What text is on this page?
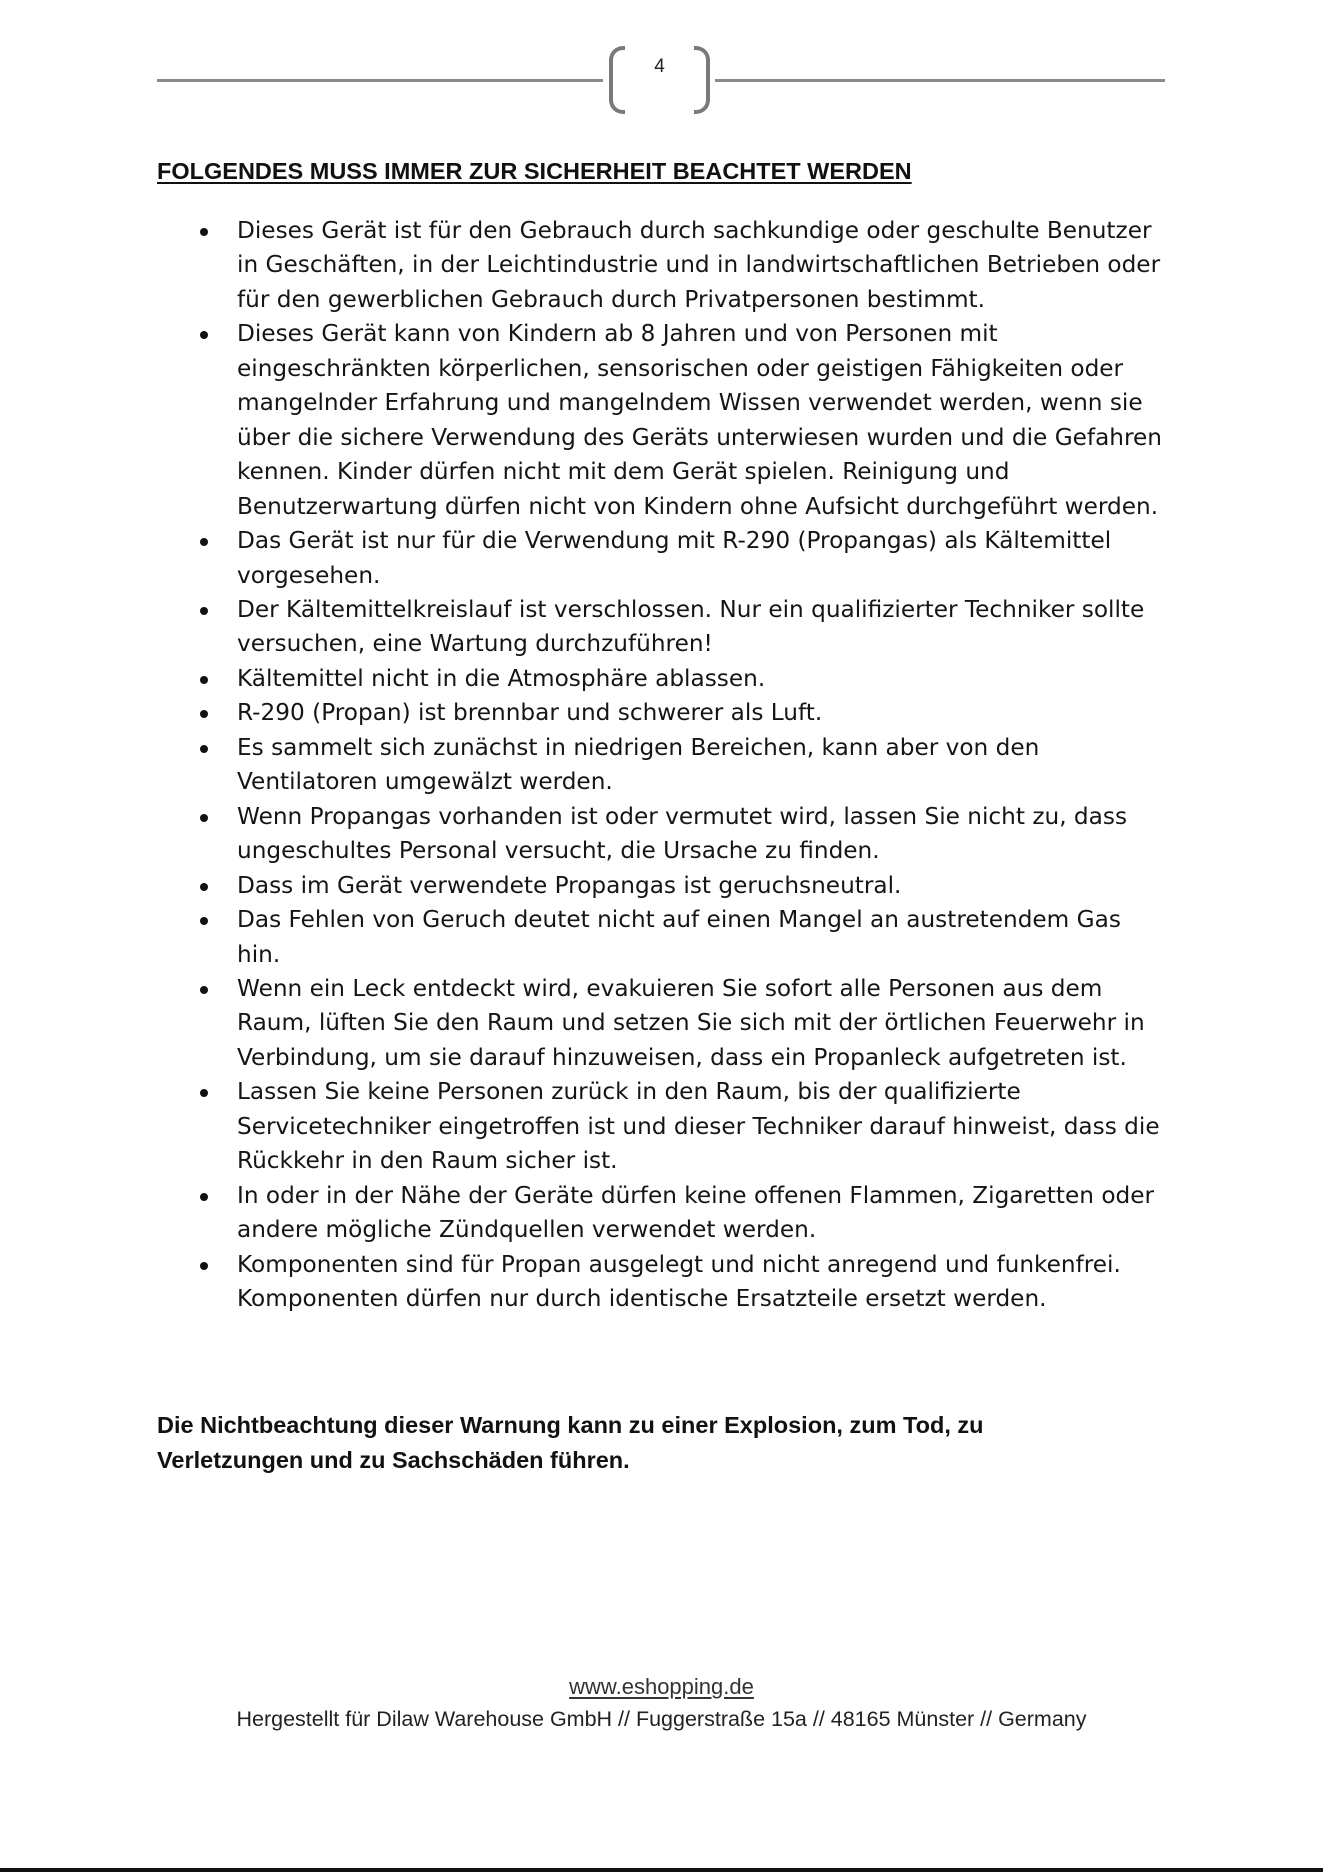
4
FOLGENDES MUSS IMMER ZUR SICHERHEIT BEACHTET WERDEN
Dieses Gerät ist für den Gebrauch durch sachkundige oder geschulte Benutzer in Geschäften, in der Leichtindustrie und in landwirtschaftlichen Betrieben oder für den gewerblichen Gebrauch durch Privatpersonen bestimmt.
Dieses Gerät kann von Kindern ab 8 Jahren und von Personen mit eingeschränkten körperlichen, sensorischen oder geistigen Fähigkeiten oder mangelnder Erfahrung und mangelndem Wissen verwendet werden, wenn sie über die sichere Verwendung des Geräts unterwiesen wurden und die Gefahren kennen. Kinder dürfen nicht mit dem Gerät spielen. Reinigung und Benutzerwartung dürfen nicht von Kindern ohne Aufsicht durchgeführt werden.
Das Gerät ist nur für die Verwendung mit R-290 (Propangas) als Kältemittel vorgesehen.
Der Kältemittelkreislauf ist verschlossen. Nur ein qualifizierter Techniker sollte versuchen, eine Wartung durchzuführen!
Kältemittel nicht in die Atmosphäre ablassen.
R-290 (Propan) ist brennbar und schwerer als Luft.
Es sammelt sich zunächst in niedrigen Bereichen, kann aber von den Ventilatoren umgewälzt werden.
Wenn Propangas vorhanden ist oder vermutet wird, lassen Sie nicht zu, dass ungeschultes Personal versucht, die Ursache zu finden.
Dass im Gerät verwendete Propangas ist geruchsneutral.
Das Fehlen von Geruch deutet nicht auf einen Mangel an austretendem Gas hin.
Wenn ein Leck entdeckt wird, evakuieren Sie sofort alle Personen aus dem Raum, lüften Sie den Raum und setzen Sie sich mit der örtlichen Feuerwehr in Verbindung, um sie darauf hinzuweisen, dass ein Propanleck aufgetreten ist.
Lassen Sie keine Personen zurück in den Raum, bis der qualifizierte Servicetechniker eingetroffen ist und dieser Techniker darauf hinweist, dass die Rückkehr in den Raum sicher ist.
In oder in der Nähe der Geräte dürfen keine offenen Flammen, Zigaretten oder andere mögliche Zündquellen verwendet werden.
Komponenten sind für Propan ausgelegt und nicht anregend und funkenfrei. Komponenten dürfen nur durch identische Ersatzteile ersetzt werden.

Die Nichtbeachtung dieser Warnung kann zu einer Explosion, zum Tod, zu Verletzungen und zu Sachschäden führen.

www.eshopping.de
Hergestellt für Dilaw Warehouse GmbH // Fuggerstraße 15a // 48165 Münster // Germany
